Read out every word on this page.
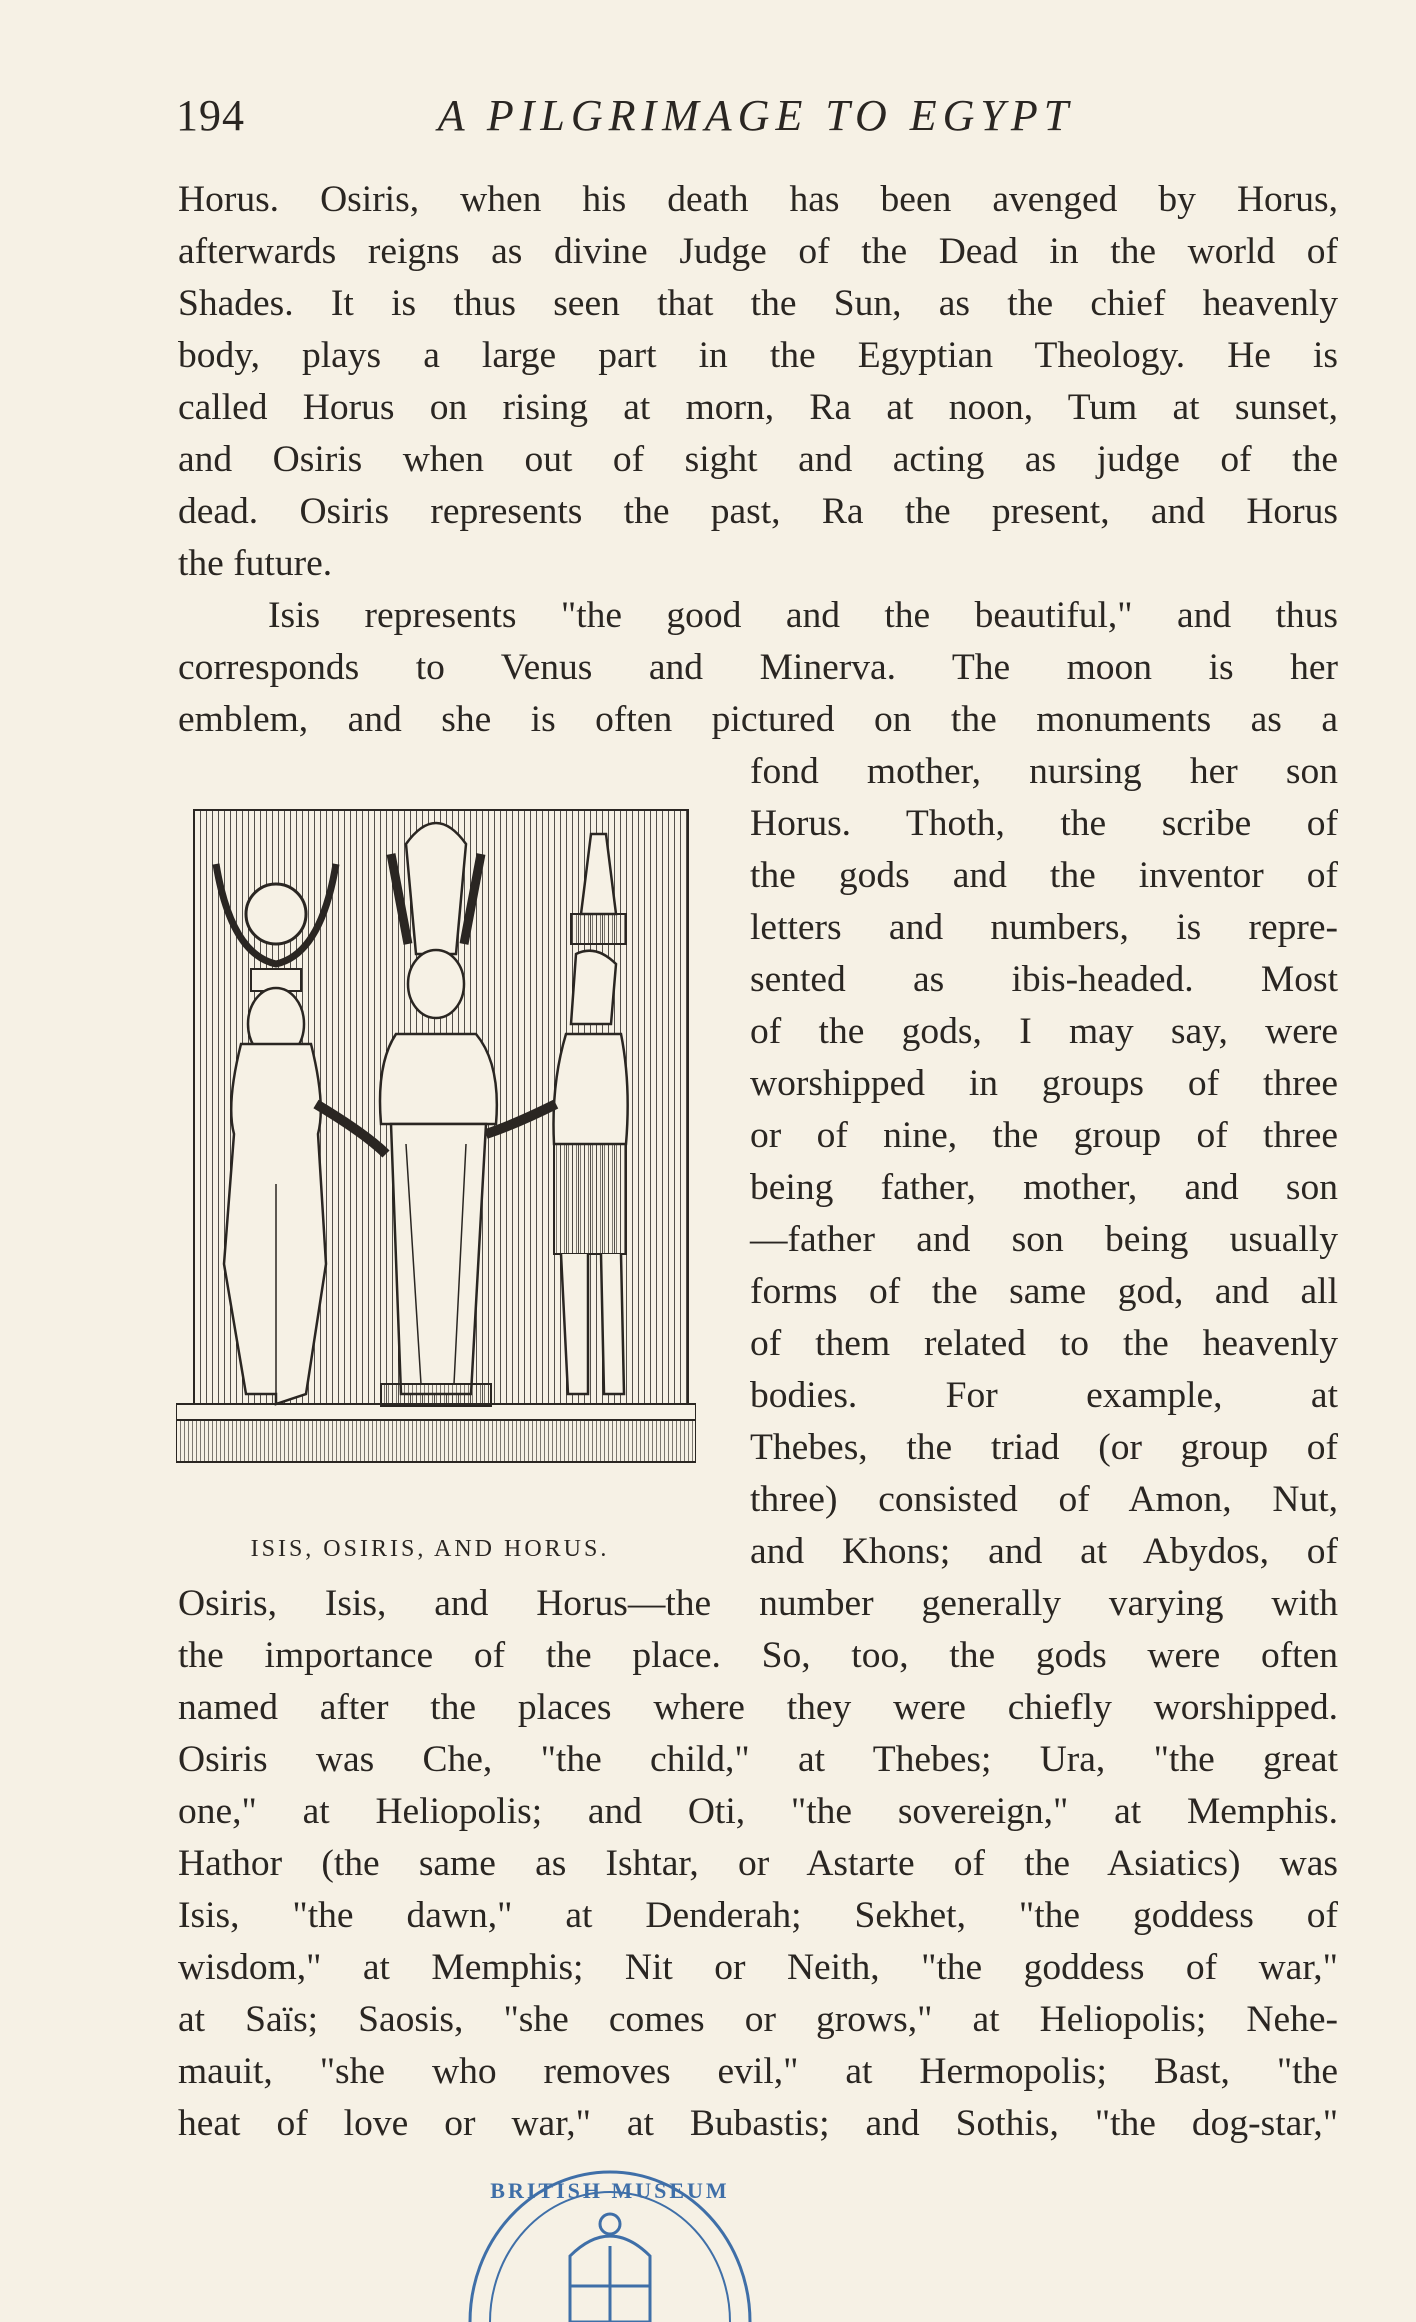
194	A PILGRIMAGE TO EGYPT
Horus. Osiris, when his death has been avenged by Horus,
afterwards reigns as divine Judge of the Dead in the world of
Shades. It is thus seen that the Sun, as the chief heavenly
body, plays a large part in the Egyptian Theology. He is
called Horus on rising at morn, Ra at noon, Tum at sunset,
and Osiris when out of sight and acting as judge of the
dead. Osiris represents the past, Ra the present, and Horus
the future.
Isis represents "the good and the beautiful," and thus
corresponds to Venus and Minerva. The moon is her
emblem, and she is often pictured on the monuments as a
fond mother, nursing her son
Horus. Thoth, the scribe of
the gods and the inventor of
letters and numbers, is repre-
sented as ibis-headed. Most
of the gods, I may say, were
worshipped in groups of three
or of nine, the group of three
being father, mother, and son
—father and son being usually
forms of the same god, and all
of them related to the heavenly
bodies. For example, at
Thebes, the triad (or group of
three) consisted of Amon, Nut,
and Khons; and at Abydos, of
Osiris, Isis, and Horus—the number generally varying with
the importance of the place. So, too, the gods were often
named after the places where they were chiefly worshipped.
Osiris was Che, "the child," at Thebes; Ura, "the great
one," at Heliopolis; and Oti, "the sovereign," at Memphis.
Hathor (the same as Ishtar, or Astarte of the Asiatics) was
Isis, "the dawn," at Denderah; Sekhet, "the goddess of
wisdom," at Memphis; Nit or Neith, "the goddess of war,"
at Saïs; Saosis, "she comes or grows," at Heliopolis; Nehe-
mauit, "she who removes evil," at Hermopolis; Bast, "the
heat of love or war," at Bubastis; and Sothis, "the dog-star,"
ISIS, OSIRIS, AND HORUS.
BRITISH MUSEUM
